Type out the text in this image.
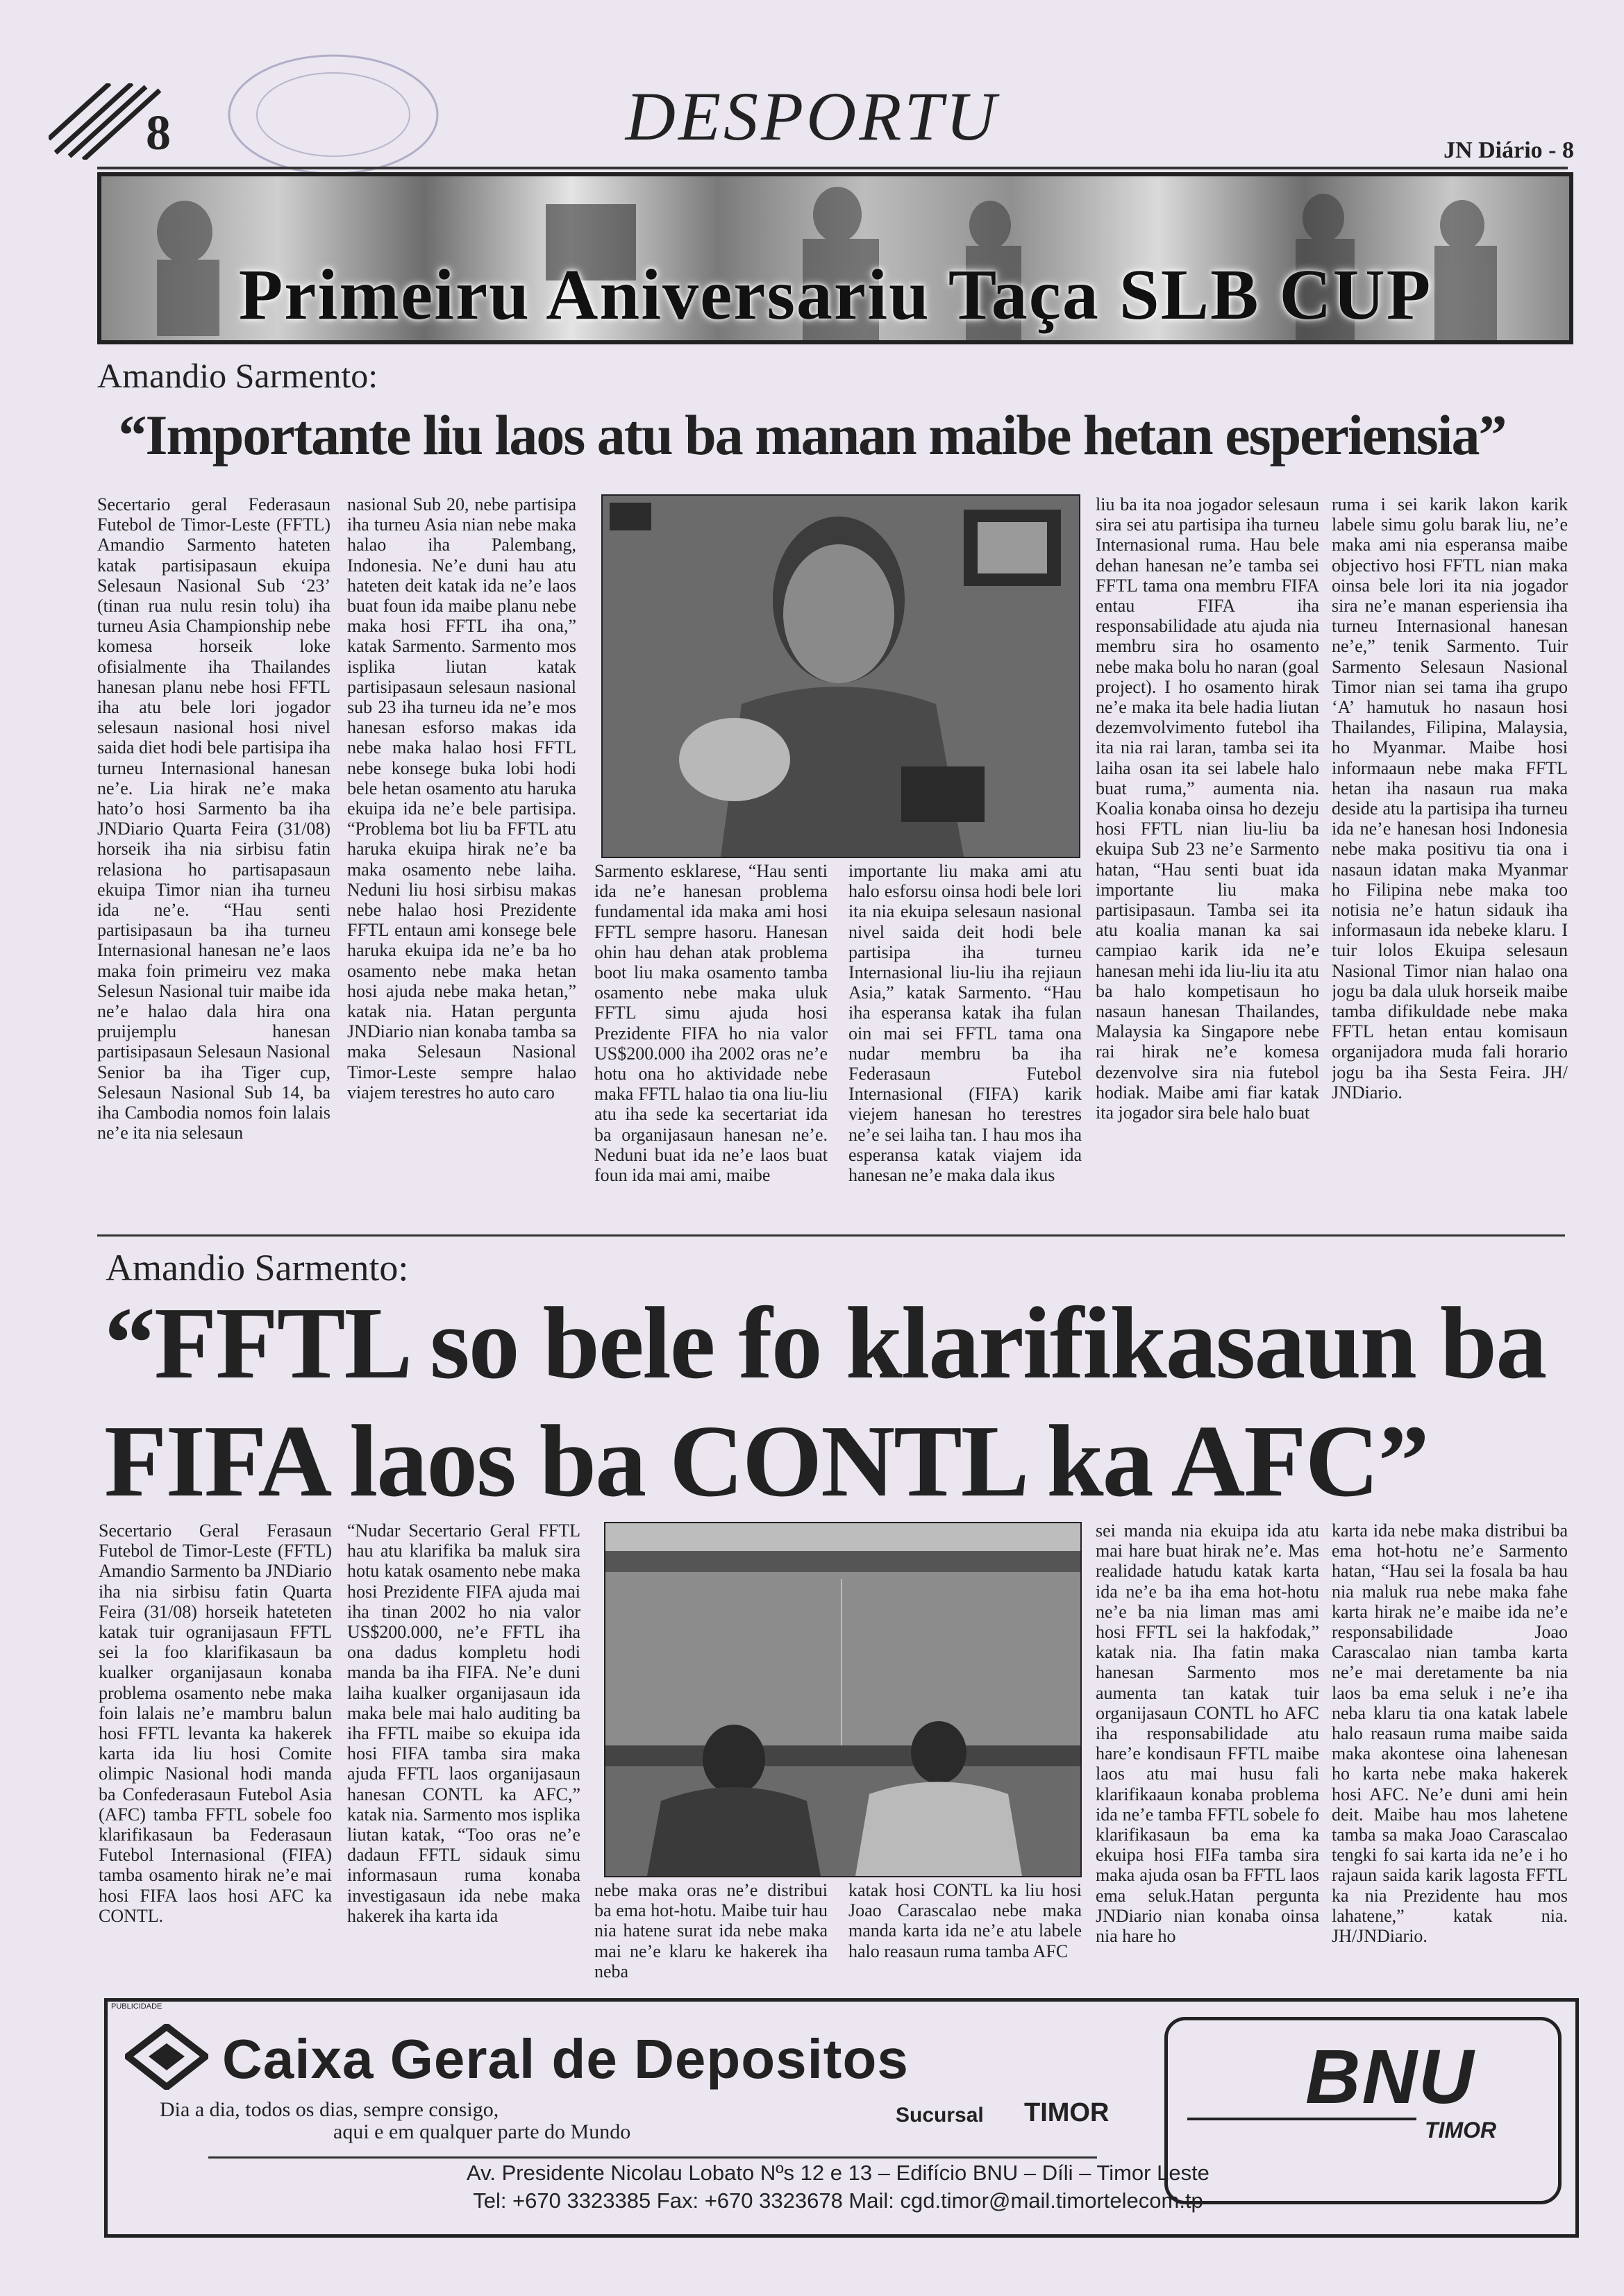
8	DESPORTU	JN Diário - 8
Primeiru Aniversariu Taça SLB CUP
Amandio Sarmento:
“Importante liu laos atu ba manan maibe hetan esperiensia”
Secertario geral Federasaun Futebol de Timor-Leste (FFTL) Amandio Sarmento hateten katak partisipasaun ekuipa Selesaun Nasional Sub ‘23’ (tinan rua nulu resin tolu) iha turneu Asia Championship nebe komesa horseik loke ofisialmente iha Thailandes hanesan planu nebe hosi FFTL iha atu bele lori jogador selesaun nasional hosi nivel saida diet hodi bele partisipa iha turneu Internasional hanesan ne’e. Lia hirak ne’e maka hato’o hosi Sarmento ba iha JNDiario Quarta Feira (31/08) horseik iha nia sirbisu fatin relasiona ho partisapasaun ekuipa Timor nian iha turneu ida ne’e. “Hau senti partisipasaun ba iha turneu Internasional hanesan ne’e laos maka foin primeiru vez maka Selesun Nasional tuir maibe ida ne’e halao dala hira ona pruijemplu hanesan partisipasaun Selesaun Nasional Senior ba iha Tiger cup, Selesaun Nasional Sub 14, ba iha Cambodia nomos foin lalais ne’e ita nia selesaun
nasional Sub 20, nebe partisipa iha turneu Asia nian nebe maka halao iha Palembang, Indonesia. Ne’e duni hau atu hateten deit katak ida ne’e laos buat foun ida maibe planu nebe maka hosi FFTL iha ona,” katak Sarmento. Sarmento mos isplika liutan katak partisipasaun selesaun nasional sub 23 iha turneu ida ne’e mos hanesan esforso makas ida nebe maka halao hosi FFTL nebe konsege buka lobi hodi bele hetan osamento atu haruka ekuipa ida ne’e bele partisipa. “Problema bot liu ba FFTL atu haruka ekuipa hirak ne’e ba maka osamento nebe laiha. Neduni liu hosi sirbisu makas nebe halao hosi Prezidente FFTL entaun ami konsege bele haruka ekuipa ida ne’e ba ho osamento nebe maka hetan hosi ajuda nebe maka hetan,” katak nia. Hatan pergunta JNDiario nian konaba tamba sa maka Selesaun Nasional Timor-Leste sempre halao viajem terestres ho auto caro
Sarmento esklarese, “Hau senti ida ne’e hanesan problema fundamental ida maka ami hosi FFTL sempre hasoru. Hanesan ohin hau dehan atak problema boot liu maka osamento tamba osamento nebe maka uluk FFTL simu ajuda hosi Prezidente FIFA ho nia valor US$200.000 iha 2002 oras ne’e hotu ona ho aktividade nebe maka FFTL halao tia ona liu-liu atu iha sede ka secertariat ida ba organijasaun hanesan ne’e. Neduni buat ida ne’e laos buat foun ida mai ami, maibe
importante liu maka ami atu halo esforsu oinsa hodi bele lori ita nia ekuipa selesaun nasional nivel saida deit hodi bele partisipa iha turneu Internasional liu-liu iha rejiaun Asia,” katak Sarmento. “Hau iha esperansa katak iha fulan oin mai sei FFTL tama ona nudar membru ba iha Federasaun Futebol Internasional (FIFA) karik viejem hanesan ho terestres ne’e sei laiha tan. I hau mos iha esperansa katak viajem ida hanesan ne’e maka dala ikus
liu ba ita noa jogador selesaun sira sei atu partisipa iha turneu Internasional ruma. Hau bele dehan hanesan ne’e tamba sei FFTL tama ona membru FIFA entau FIFA iha responsabilidade atu ajuda nia membru sira ho osamento nebe maka bolu ho naran (goal project). I ho osamento hirak ne’e maka ita bele hadia liutan dezemvolvimento futebol iha ita nia rai laran, tamba sei ita laiha osan ita sei labele halo buat ruma,” aumenta nia. Koalia konaba oinsa ho dezeju hosi FFTL nian liu-liu ba ekuipa Sub 23 ne’e Sarmento hatan, “Hau senti buat ida importante liu maka partisipasaun. Tamba sei ita atu koalia manan ka sai campiao karik ida ne’e hanesan mehi ida liu-liu ita atu ba halo kompetisaun ho nasaun hanesan Thailandes, Malaysia ka Singapore nebe rai hirak ne’e komesa dezenvolve sira nia futebol hodiak. Maibe ami fiar katak ita jogador sira bele halo buat
ruma i sei karik lakon karik labele simu golu barak liu, ne’e maka ami nia esperansa maibe objectivo hosi FFTL nian maka oinsa bele lori ita nia jogador sira ne’e manan esperiensia iha turneu Internasional hanesan ne’e,” tenik Sarmento. Tuir Sarmento Selesaun Nasional Timor nian sei tama iha grupo ‘A’ hamutuk ho nasaun hosi Thailandes, Filipina, Malaysia, ho Myanmar. Maibe hosi informaaun nebe maka FFTL hetan iha nasaun rua maka deside atu la partisipa iha turneu ida ne’e hanesan hosi Indonesia nebe maka positivu tia ona i nasaun idatan maka Myanmar ho Filipina nebe maka too notisia ne’e hatun sidauk iha informasaun ida nebeke klaru. I tuir lolos Ekuipa selesaun Nasional Timor nian halao ona jogu ba dala uluk horseik maibe tamba difikuldade nebe maka FFTL hetan entau komisaun organijadora muda fali horario jogu ba iha Sesta Feira. JH/ JNDiario.
Amandio Sarmento:
“FFTL so bele fo klarifikasaun ba
FIFA laos ba CONTL ka AFC”
Secertario Geral Ferasaun Futebol de Timor-Leste (FFTL) Amandio Sarmento ba JNDiario iha nia sirbisu fatin Quarta Feira (31/08) horseik hateteten katak tuir ogranijasaun FFTL sei la foo klarifikasaun ba kualker organijasaun konaba problema osamento nebe maka foin lalais ne’e mambru balun hosi FFTL levanta ka hakerek karta ida liu hosi Comite olimpic Nasional hodi manda ba Confederasaun Futebol Asia (AFC) tamba FFTL sobele foo klarifikasaun ba Federasaun Futebol Internasional (FIFA) tamba osamento hirak ne’e mai hosi FIFA laos hosi AFC ka CONTL.
“Nudar Secertario Geral FFTL hau atu klarifika ba maluk sira hotu katak osamento nebe maka hosi Prezidente FIFA ajuda mai iha tinan 2002 ho nia valor US$200.000, ne’e FFTL iha ona dadus kompletu hodi manda ba iha FIFA. Ne’e duni laiha kualker organijasaun ida maka bele mai halo auditing ba iha FFTL maibe so ekuipa ida hosi FIFA tamba sira maka ajuda FFTL laos organijasaun hanesan CONTL ka AFC,” katak nia. Sarmento mos isplika liutan katak, “Too oras ne’e dadaun FFTL sidauk simu informasaun ruma konaba investigasaun ida nebe maka hakerek iha karta ida
nebe maka oras ne’e distribui ba ema hot-hotu. Maibe tuir hau nia hatene surat ida nebe maka mai ne’e klaru ke hakerek iha neba
katak hosi CONTL ka liu hosi Joao Carascalao nebe maka manda karta ida ne’e atu labele halo reasaun ruma tamba AFC
sei manda nia ekuipa ida atu mai hare buat hirak ne’e. Mas realidade hatudu katak karta ida ne’e ba iha ema hot-hotu ne’e ba nia liman mas ami hosi FFTL sei la hakfodak,” katak nia. Iha fatin maka hanesan Sarmento mos aumenta tan katak tuir organijasaun CONTL ho AFC iha responsabilidade atu hare’e kondisaun FFTL maibe laos atu mai husu fali klarifikaaun konaba problema ida ne’e tamba FFTL sobele fo klarifikasaun ba ema ka ekuipa hosi FIFa tamba sira maka ajuda osan ba FFTL laos ema seluk.Hatan pergunta JNDiario nian konaba oinsa nia hare ho
karta ida nebe maka distribui ba ema hot-hotu ne’e Sarmento hatan, “Hau sei la fosala ba hau nia maluk rua nebe maka fahe karta hirak ne’e maibe ida ne’e responsabilidade Joao Carascalao nian tamba karta ne’e mai deretamente ba nia laos ba ema seluk i ne’e iha neba klaru tia ona katak labele halo reasaun ruma maibe saida maka akontese oina lahenesan ho karta nebe maka hakerek hosi AFC. Ne’e duni ami hein deit. Maibe hau mos lahetene tamba sa maka Joao Carascalao tengki fo sai karta ida ne’e i ho rajaun saida karik lagosta FFTL ka nia Prezidente hau mos lahatene,” katak nia. JH/JNDiario.
PUBLICIDADE
Caixa Geral de Depositos
Dia a dia, todos os dias, sempre consigo,
aqui e em qualquer parte do Mundo
Sucursal TIMOR	BNU
TIMOR
Av. Presidente Nicolau Lobato Nºs 12 e 13 – Edifício BNU – Díli – Timor Leste
Tel: +670 3323385 Fax: +670 3323678 Mail: cgd.timor@mail.timortelecom.tp
